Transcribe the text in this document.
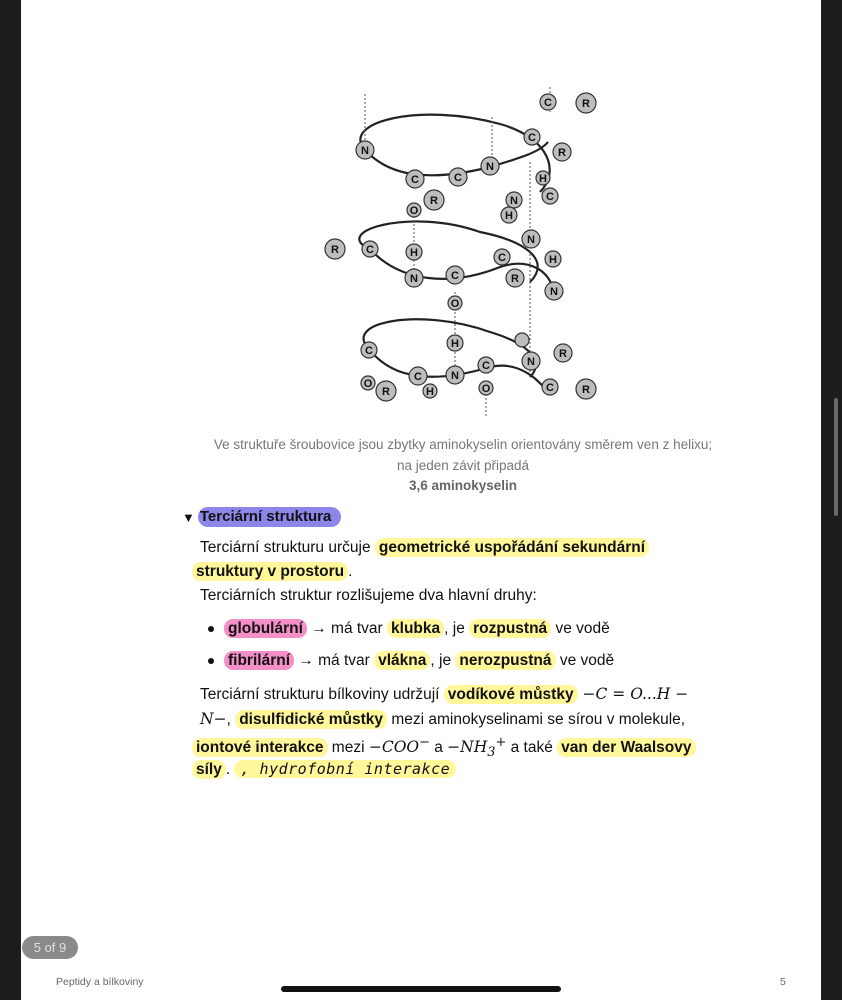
N
C	C
N
R
O
C	H
N	C
N
N
C
R
O
C
C	N
C	N
R
O	C
R
R
R
R
R
C
C
H
O
N
H
H
C
H
H
Ve struktuře šroubovice jsou zbytky aminokyselin orientovány směrem ven z helixu;
na jeden závit připadá
3,6 aminokyselin
▼ Terciární struktura
Terciární strukturu určuje geometrické uspořádání sekundární
struktury v prostoru .
Terciárních struktur rozlišujeme dva hlavní druhy:
globulární → má tvar klubka , je rozpustná ve vodě
fibrilární → má tvar vlákna , je nerozpustná ve vodě
Terciární strukturu bílkoviny udržují vodíkové můstky −C = O...H −
N−, disulfidické můstky mezi aminokyselinami se sírou v molekule,
iontové interakce mezi −COO− $a -NH_3^+$ a také van der Waalsovy
síly . , hydrofobní interakce
5 of 9
Peptidy a bílkoviny	5
